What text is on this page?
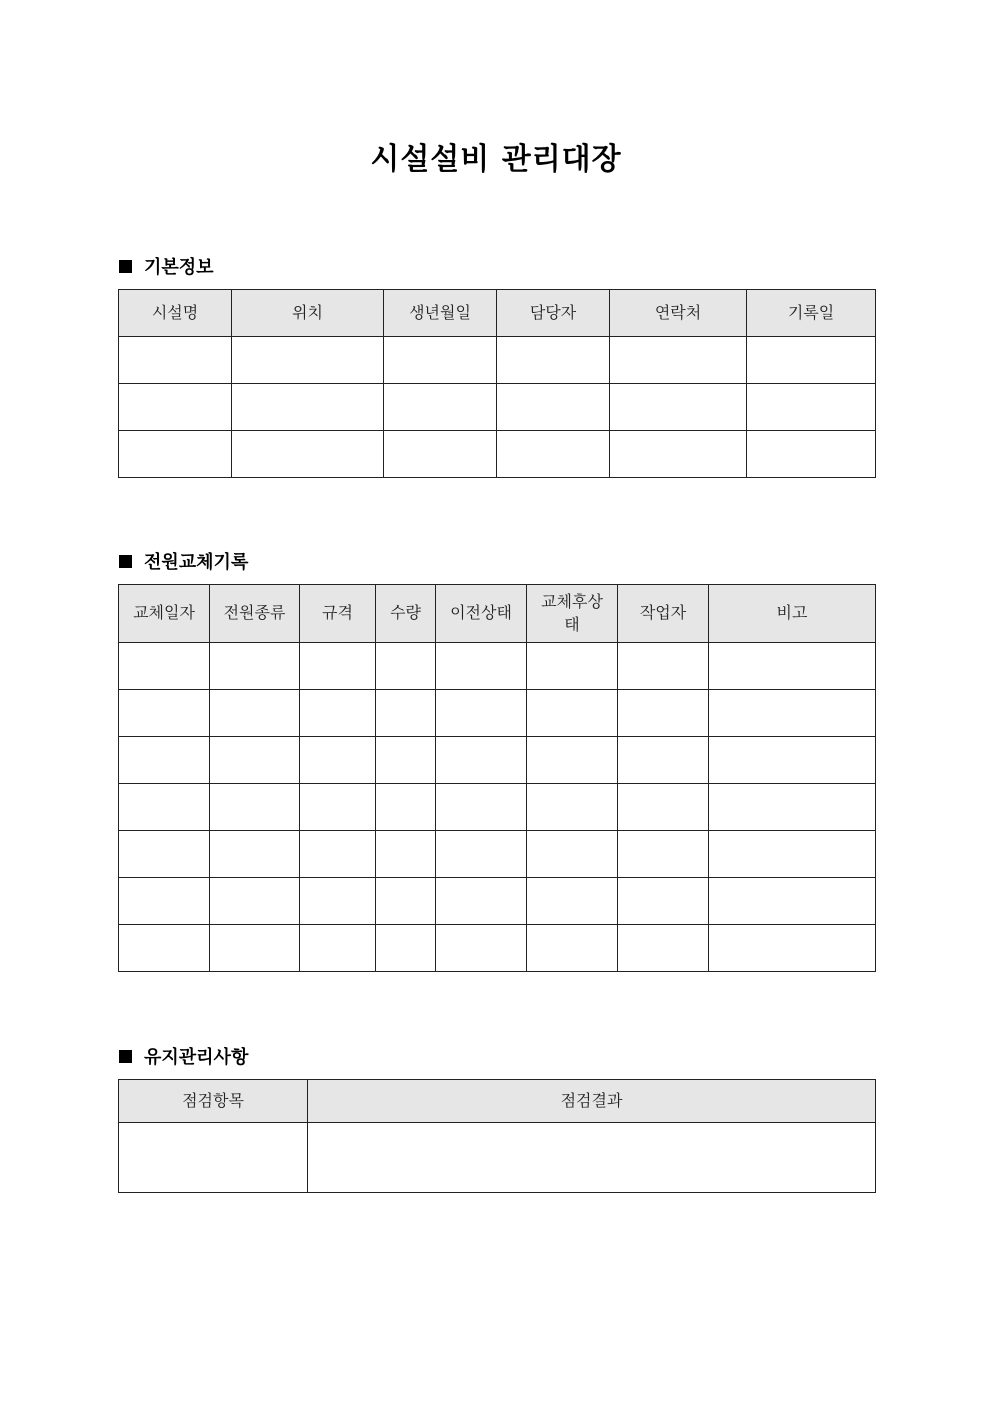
시설설비 관리대장
기본정보
시설명	위치	생년월일	담당자	연락처	기록일

전원교체기록
교체일자	전원종류	규격	수량	이전상태	교체후상태	작업자	비고

유지관리사항
점검항목	점검결과
